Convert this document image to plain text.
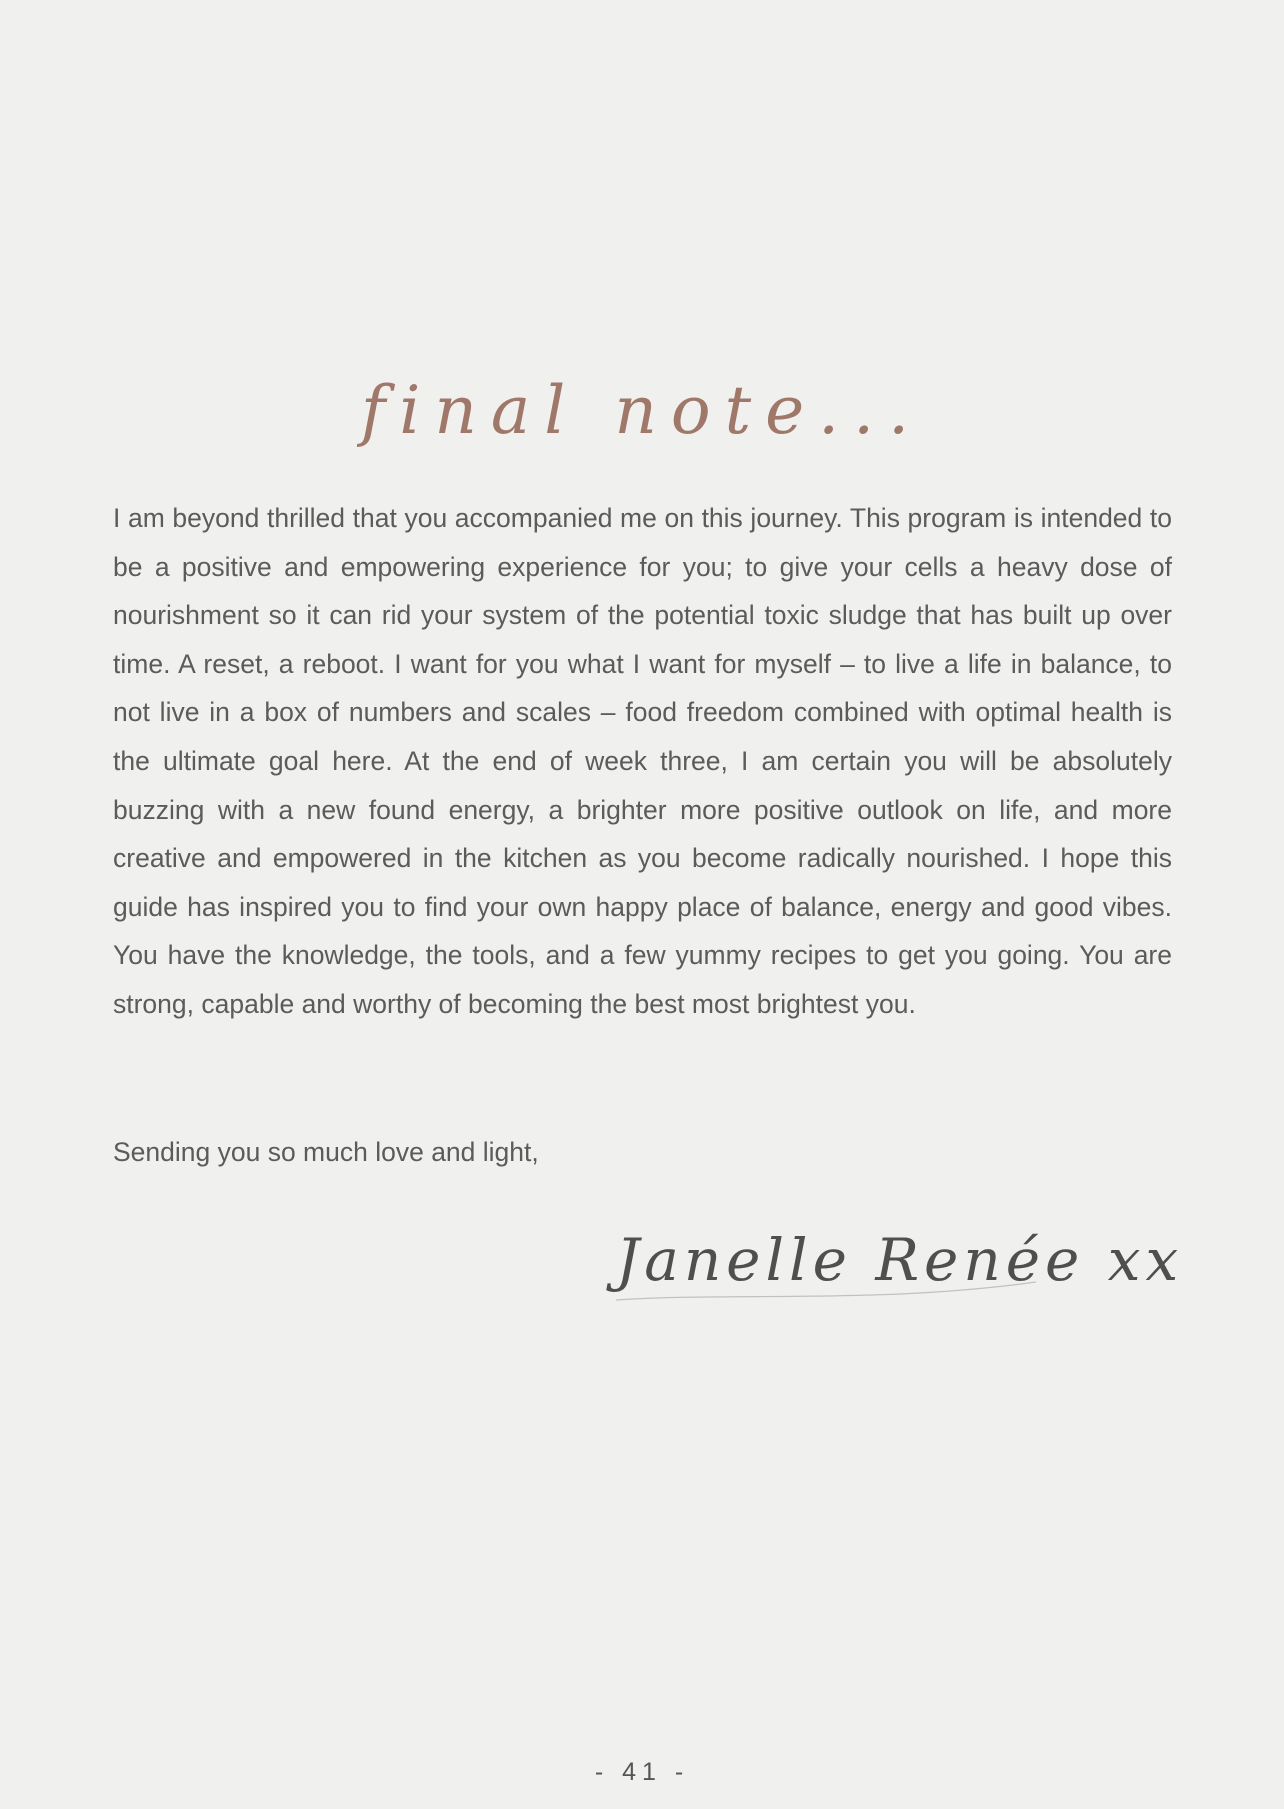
final note...

I am beyond thrilled that you accompanied me on this journey. This program is intended to be a positive and empowering experience for you; to give your cells a heavy dose of nourishment so it can rid your system of the potential toxic sludge that has built up over time. A reset, a reboot. I want for you what I want for myself – to live a life in balance, to not live in a box of numbers and scales – food freedom combined with optimal health is the ultimate goal here. At the end of week three, I am certain you will be absolutely buzzing with a new found energy, a brighter more positive outlook on life, and more creative and empowered in the kitchen as you become radically nourished. I hope this guide has inspired you to find your own happy place of balance, energy and good vibes. You have the knowledge, the tools, and a few yummy recipes to get you going. You are strong, capable and worthy of becoming the best most brightest you.

Sending you so much love and light,

Janelle Renée xx

- 41 -
